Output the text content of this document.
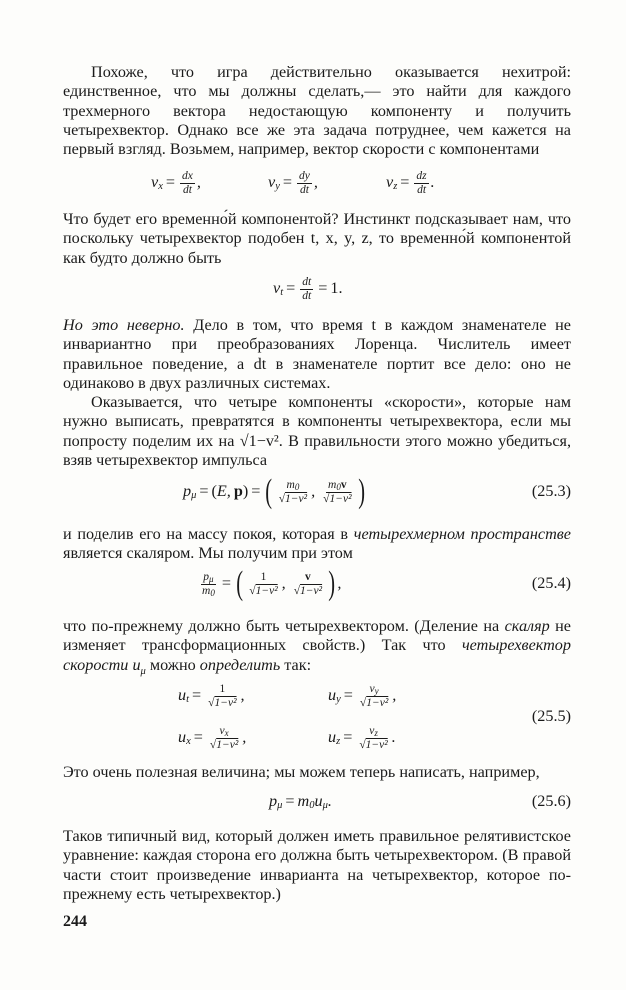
Похоже, что игра действительно оказывается нехитрой: единственное, что мы должны сделать,— это найти для каждого трехмерного вектора недостающую компоненту и получить четырехвектор. Однако все же эта задача потруднее, чем кажется на первый взгляд. Возьмем, например, вектор скорости с компонентами

v $x = \frac{dx}{dt}$ ,	v $y = \frac{dy}{dt}$ ,	v $z = \frac{dz}{dt}$ .

Что будет его временно́й компонентой? Инстинкт подсказывает нам, что поскольку четырехвектор подобен t, x, y, z, то временно́й компонентой как будто должно быть

v $t = \frac{dt}{dt} = 1$.

Но это неверно. Дело в том, что время t в каждом знаменателе не инвариантно при преобразованиях Лоренца. Числитель имеет правильное поведение, а dt в знаменателе портит все дело: оно не одинаково в двух различных системах.

Оказывается, что четыре компоненты «скорости», которые нам нужно выписать, превратятся в компоненты четырехвектора, если мы попросту поделим их на √1−v². В правильности этого можно убедиться, взяв четырехвектор импульса

p μ = ( E, p ) = ( $\frac{m0}{\text{√1−v²}}$ , $\frac{m0v}{\text{√1−v²}}$ )	(25.3)

и поделив его на массу покоя, которая в четырехмерном пространстве является скаляром. Мы получим при этом

$\frac{p\mu}{m0}$ = ( $\frac{1}{\text{√1−v²}}$ , $\frac{v}{\text{√1−v²}}$ ) ,	(25.4)

что по-прежнему должно быть четырехвектором. (Деление на скаляр не изменяет трансформационных свойств.) Так что четырехвектор скорости $u_\mu$ можно определить так:

u $t = \frac{1}{\text{√1−v²}}$ ,	u $y = \frac{vy}{\text{√1−v²}}$ ,
u $x = \frac{vx}{\text{√1−v²}}$ ,	u $z = \frac{vz}{\text{√1−v²}}$ .
(25.5)

Это очень полезная величина; мы можем теперь написать, например,

p μ = m 0 u μ .	(25.6)

Таков типичный вид, который должен иметь правильное релятивистское уравнение: каждая сторона его должна быть четырехвектором. (В правой части стоит произведение инварианта на четырехвектор, которое по-прежнему есть четырехвектор.)

244
